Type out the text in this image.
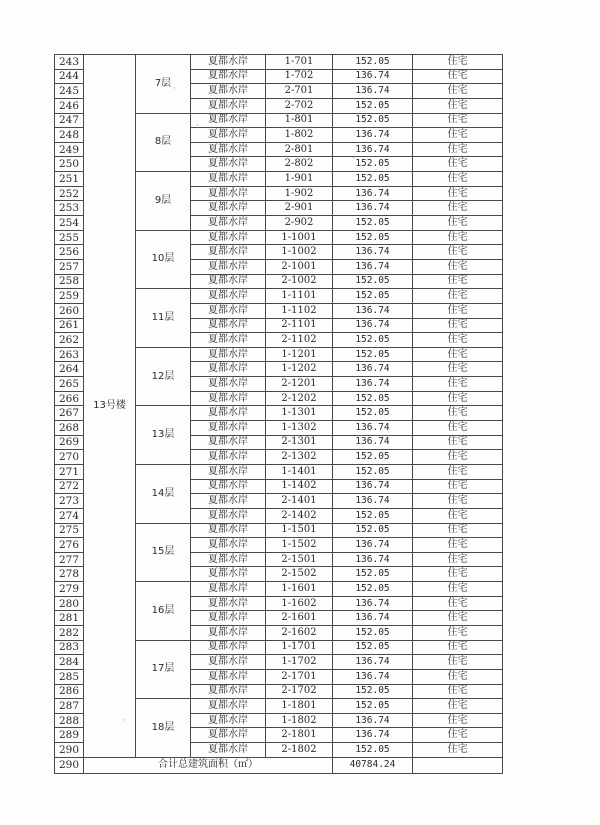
243	13号楼	7层	夏都水岸	1-701	152.05	住宅
244			夏都水岸	1-702	136.74	住宅
245			夏都水岸	2-701	136.74	住宅
246			夏都水岸	2-702	152.05	住宅
247		8层	夏都水岸	1-801	152.05	住宅
248			夏都水岸	1-802	136.74	住宅
249			夏都水岸	2-801	136.74	住宅
250			夏都水岸	2-802	152.05	住宅
251		9层	夏都水岸	1-901	152.05	住宅
252			夏都水岸	1-902	136.74	住宅
253			夏都水岸	2-901	136.74	住宅
254			夏都水岸	2-902	152.05	住宅
255		10层	夏都水岸	1-1001	152.05	住宅
256			夏都水岸	1-1002	136.74	住宅
257			夏都水岸	2-1001	136.74	住宅
258			夏都水岸	2-1002	152.05	住宅
259		11层	夏都水岸	1-1101	152.05	住宅
260			夏都水岸	1-1102	136.74	住宅
261			夏都水岸	2-1101	136.74	住宅
262			夏都水岸	2-1102	152.05	住宅
263		12层	夏都水岸	1-1201	152.05	住宅
264			夏都水岸	1-1202	136.74	住宅
265			夏都水岸	2-1201	136.74	住宅
266			夏都水岸	2-1202	152.05	住宅
267		13层	夏都水岸	1-1301	152.05	住宅
268			夏都水岸	1-1302	136.74	住宅
269			夏都水岸	2-1301	136.74	住宅
270			夏都水岸	2-1302	152.05	住宅
271		14层	夏都水岸	1-1401	152.05	住宅
272			夏都水岸	1-1402	136.74	住宅
273			夏都水岸	2-1401	136.74	住宅
274			夏都水岸	2-1402	152.05	住宅
275		15层	夏都水岸	1-1501	152.05	住宅
276			夏都水岸	1-1502	136.74	住宅
277			夏都水岸	2-1501	136.74	住宅
278			夏都水岸	2-1502	152.05	住宅
279		16层	夏都水岸	1-1601	152.05	住宅
280			夏都水岸	1-1602	136.74	住宅
281			夏都水岸	2-1601	136.74	住宅
282			夏都水岸	2-1602	152.05	住宅
283		17层	夏都水岸	1-1701	152.05	住宅
284			夏都水岸	1-1702	136.74	住宅
285			夏都水岸	2-1701	136.74	住宅
286			夏都水岸	2-1702	152.05	住宅
287		18层	夏都水岸	1-1801	152.05	住宅
288			夏都水岸	1-1802	136.74	住宅
289			夏都水岸	2-1801	136.74	住宅
290			夏都水岸	2-1802	152.05	住宅
290	合计总建筑面积（㎡）				40784.24	
·
·
·
·
